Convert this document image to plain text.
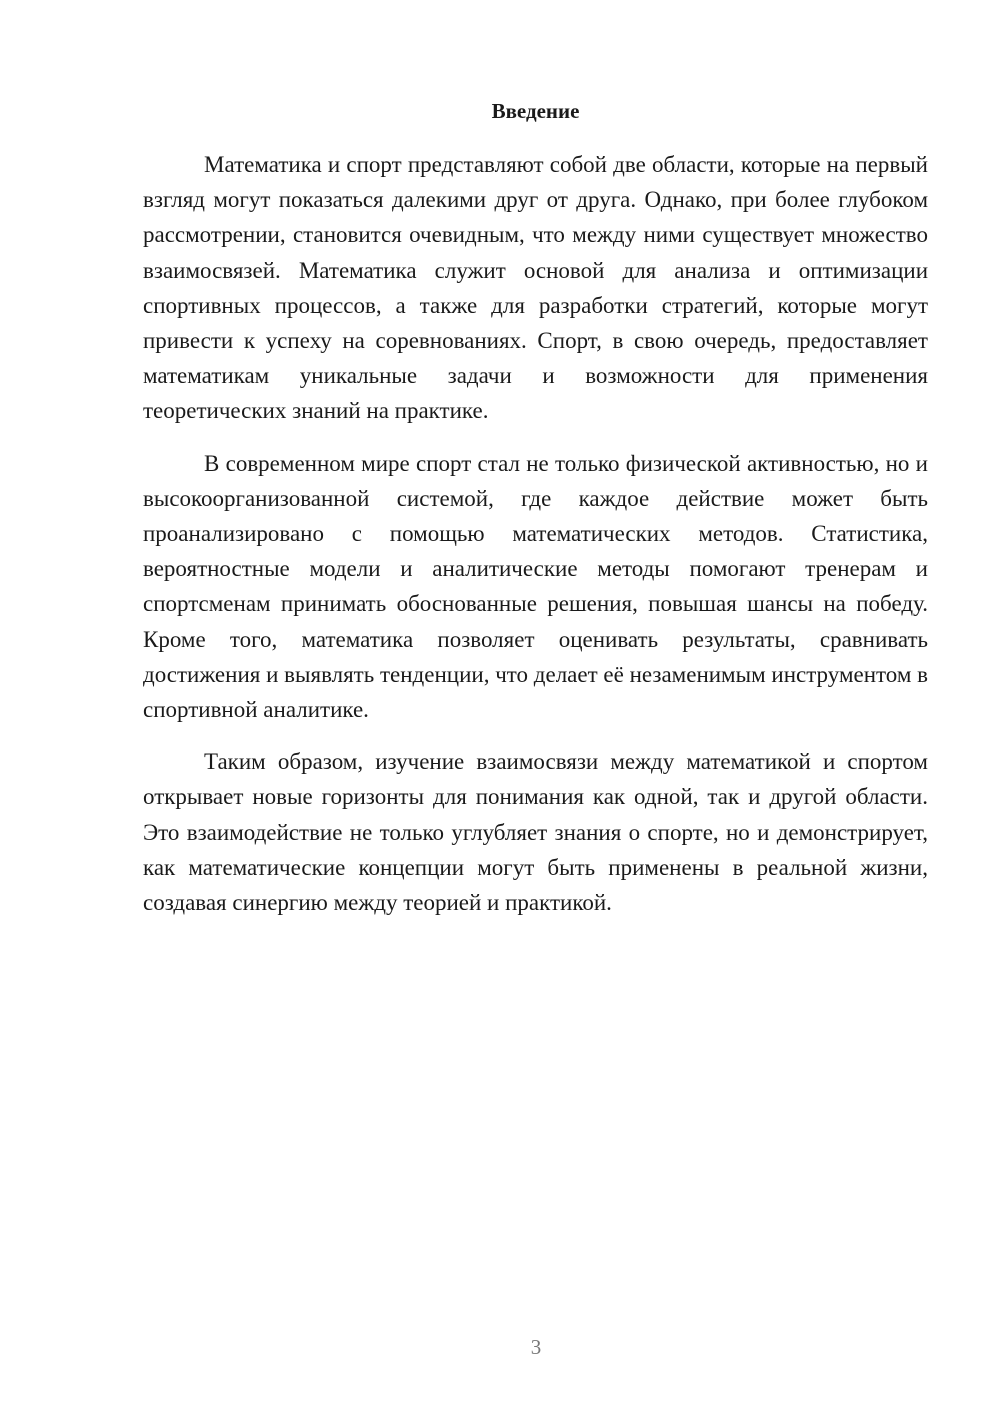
Введение

Математика и спорт представляют собой две области, которые на первый взгляд могут показаться далекими друг от друга. Однако, при более глубоком рассмотрении, становится очевидным, что между ними существует множество взаимосвязей. Математика служит основой для анализа и оптимизации спортивных процессов, а также для разработки стратегий, которые могут привести к успеху на соревнованиях. Спорт, в свою очередь, предоставляет математикам уникальные задачи и возможности для применения теоретических знаний на практике.

В современном мире спорт стал не только физической активностью, но и высокоорганизованной системой, где каждое действие может быть проанализировано с помощью математических методов. Статистика, вероятностные модели и аналитические методы помогают тренерам и спортсменам принимать обоснованные решения, повышая шансы на победу. Кроме того, математика позволяет оценивать результаты, сравнивать достижения и выявлять тенденции, что делает её незаменимым инструментом в спортивной аналитике.

Таким образом, изучение взаимосвязи между математикой и спортом открывает новые горизонты для понимания как одной, так и другой области. Это взаимодействие не только углубляет знания о спорте, но и демонстрирует, как математические концепции могут быть применены в реальной жизни, создавая синергию между теорией и практикой.

3
